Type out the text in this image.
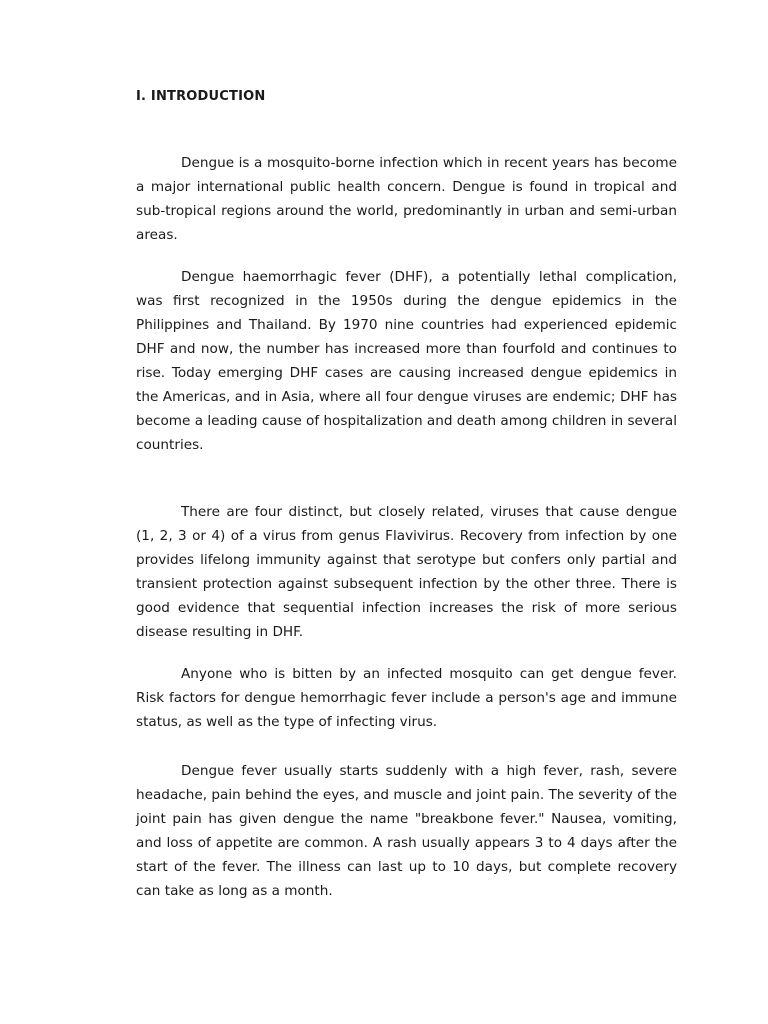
I. INTRODUCTION

Dengue is a mosquito-borne infection which in recent years has become a major international public health concern. Dengue is found in tropical and sub-tropical regions around the world, predominantly in urban and semi-urban areas.

Dengue haemorrhagic fever (DHF), a potentially lethal complication, was first recognized in the 1950s during the dengue epidemics in the Philippines and Thailand. By 1970 nine countries had experienced epidemic DHF and now, the number has increased more than fourfold and continues to rise. Today emerging DHF cases are causing increased dengue epidemics in the Americas, and in Asia, where all four dengue viruses are endemic; DHF has become a leading cause of hospitalization and death among children in several countries.

There are four distinct, but closely related, viruses that cause dengue (1, 2, 3 or 4) of a virus from genus Flavivirus. Recovery from infection by one provides lifelong immunity against that serotype but confers only partial and transient protection against subsequent infection by the other three. There is good evidence that sequential infection increases the risk of more serious disease resulting in DHF.

Anyone who is bitten by an infected mosquito can get dengue fever. Risk factors for dengue hemorrhagic fever include a person's age and immune status, as well as the type of infecting virus.

Dengue fever usually starts suddenly with a high fever, rash, severe headache, pain behind the eyes, and muscle and joint pain. The severity of the joint pain has given dengue the name "breakbone fever." Nausea, vomiting, and loss of appetite are common. A rash usually appears 3 to 4 days after the start of the fever. The illness can last up to 10 days, but complete recovery can take as long as a month.
